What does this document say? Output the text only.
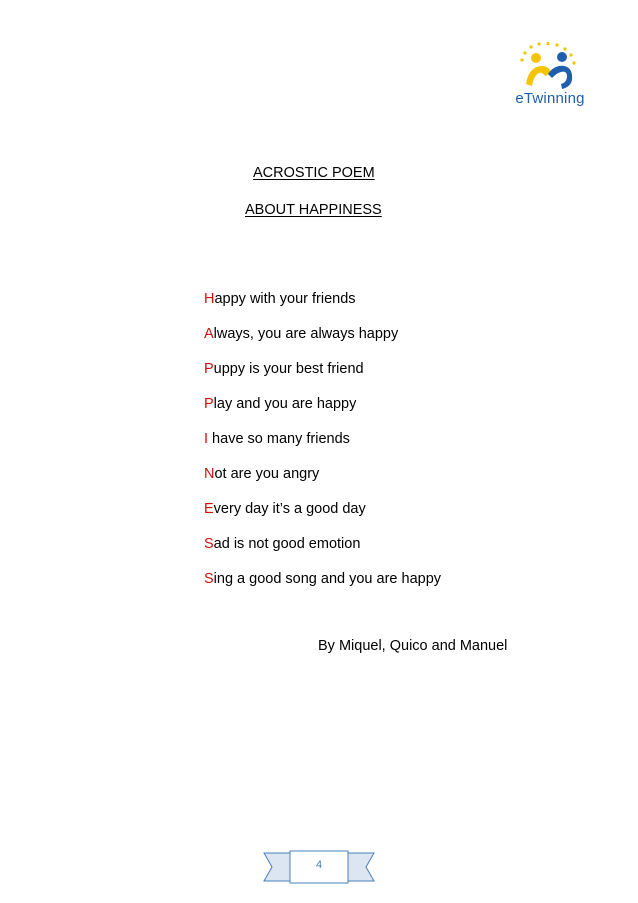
eTwinning
ACROSTIC POEM
ABOUT HAPPINESS
Happy with your friends
Always, you are always happy
Puppy is your best friend
Play and you are happy
I have so many friends
Not are you angry
Every day it’s a good day
Sad is not good emotion
Sing a good song and you are happy
By Miquel, Quico and Manuel
4
